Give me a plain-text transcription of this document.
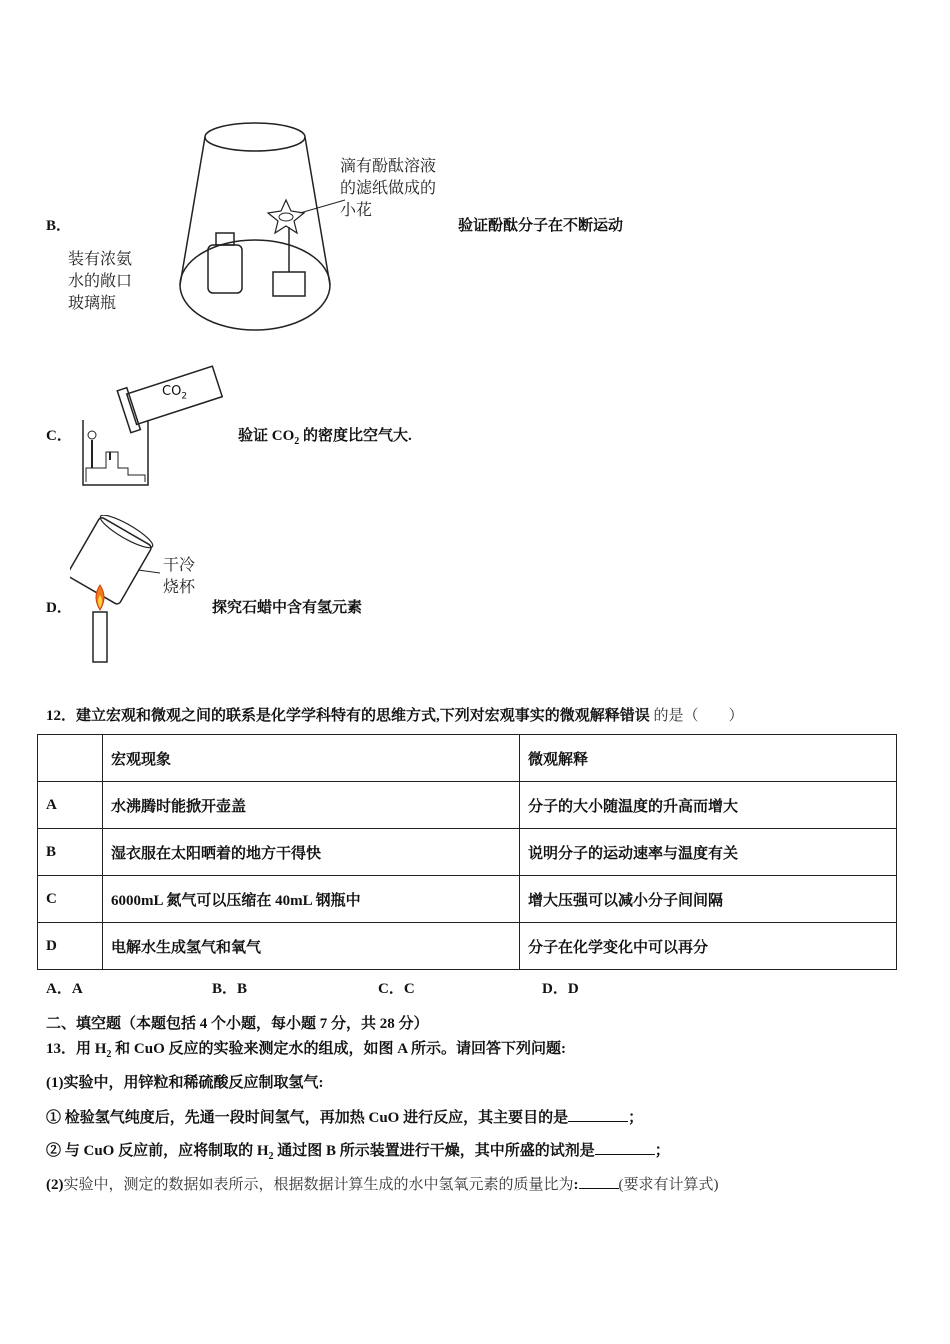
B．
滴有酚酞溶液
的滤纸做成的
小花
装有浓氨
水的敞口
玻璃瓶
验证酚酞分子在不断运动
C．
$CO_2$
验证 $CO_2$ 的密度比空气大.
D．
干冷
烧杯
探究石蜡中含有氢元素
12．建立宏观和微观之间的联系是化学学科特有的思维方式,下列对宏观事实的微观解释错误 的是（　　）
	宏观现象	微观解释
A	水沸腾时能掀开壶盖	分子的大小随温度的升高而增大
B	湿衣服在太阳晒着的地方干得快	说明分子的运动速率与温度有关
C	6000mL 氮气可以压缩在 40mL 钢瓶中	增大压强可以减小分子间间隔
D	电解水生成氢气和氧气	分子在化学变化中可以再分
A．A	B．B	C．C	D．D
二、填空题（本题包括 4 个小题，每小题 7 分，共 28 分）
13．用 $H_2$ 和 CuO 反应的实验来测定水的组成，如图 A 所示。请回答下列问题:
(1)实验中，用锌粒和稀硫酸反应制取氢气:
① 检验氢气纯度后，先通一段时间氢气，再加热 CuO 进行反应，其主要目的是	；
② 与 CuO 反应前，应将制取的 $H_2$ 通过图 B 所示装置进行干燥，其中所盛的试剂是	；
(2)实验中，测定的数据如表所示，根据数据计算生成的水中氢氧元素的质量比为:	(要求有计算式)
